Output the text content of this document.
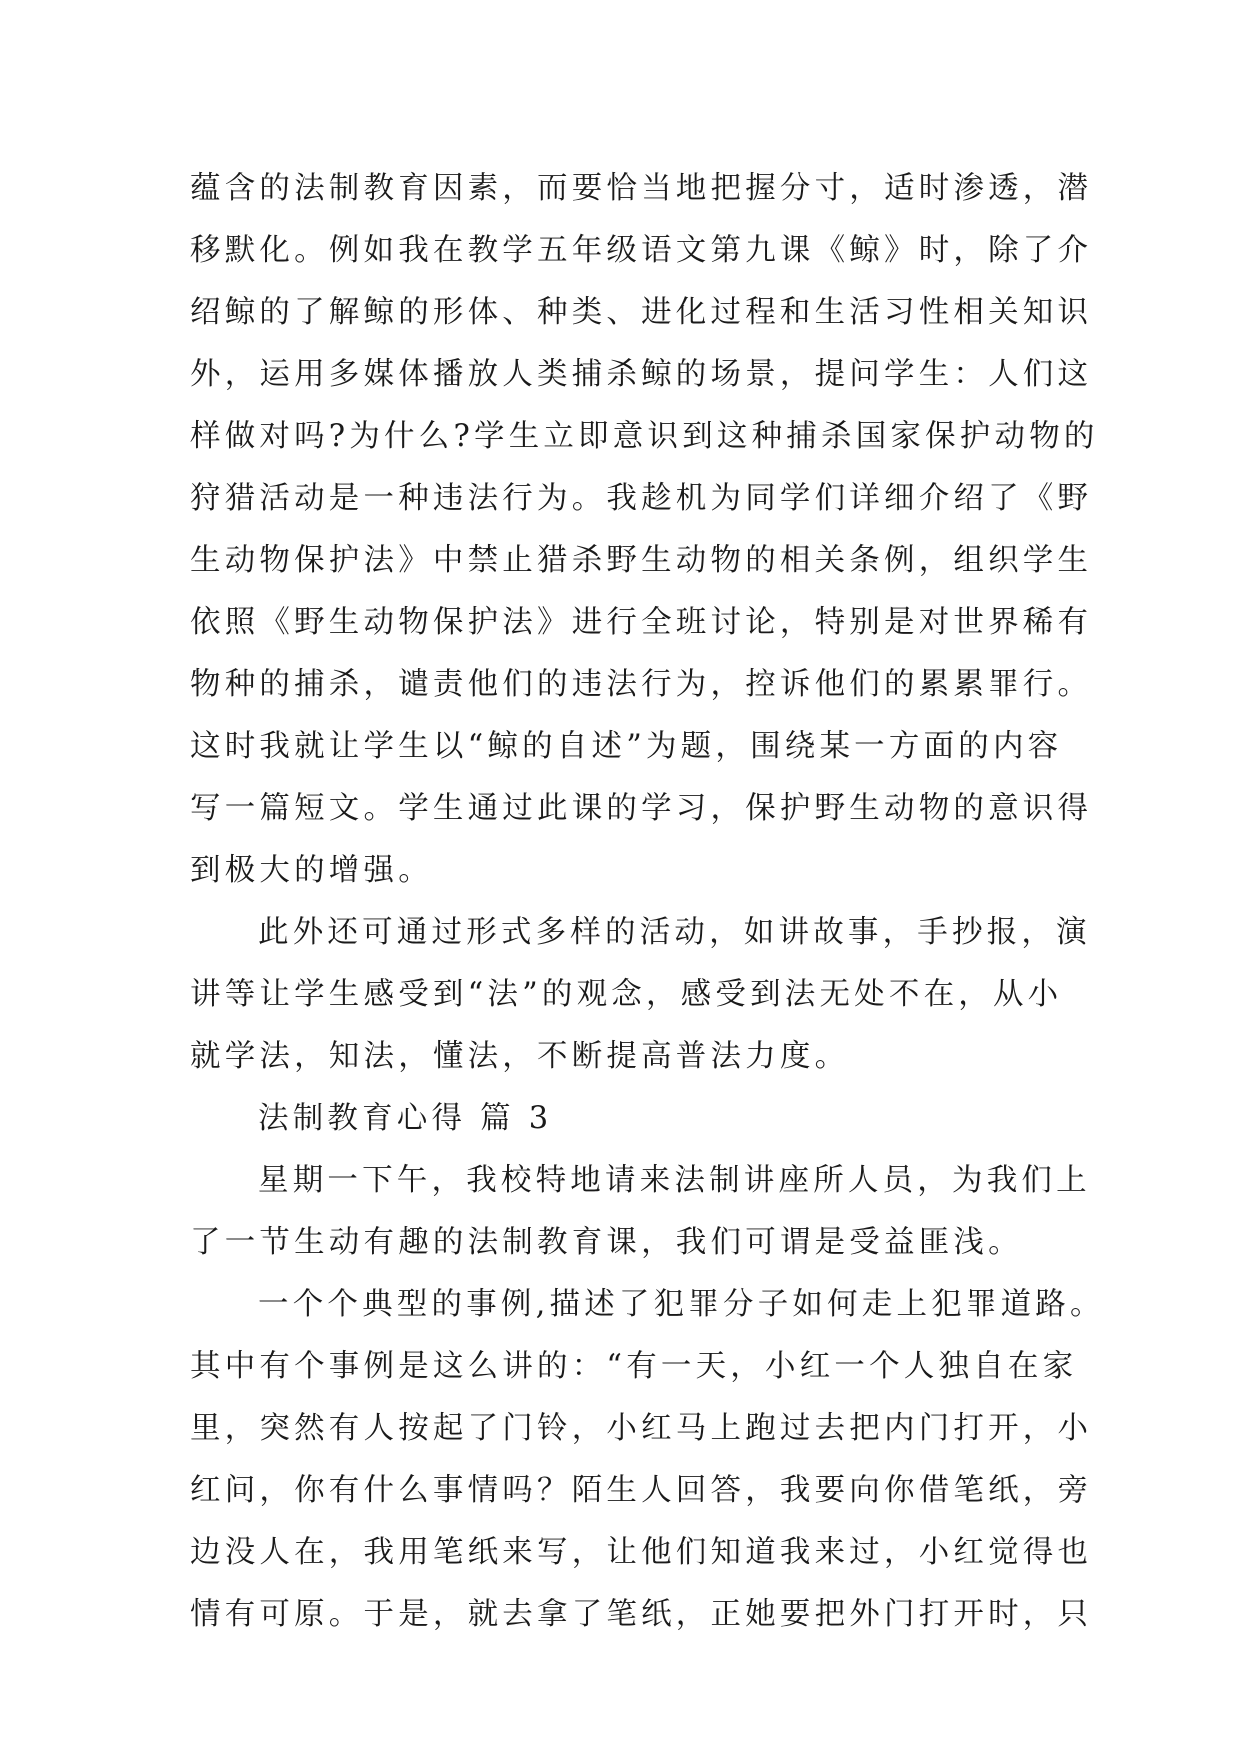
蕴含的法制教育因素，而要恰当地把握分寸，适时渗透，潜
移默化。例如我在教学五年级语文第九课《鲸》时，除了介
绍鲸的了解鲸的形体、种类、进化过程和生活习性相关知识
外，运用多媒体播放人类捕杀鲸的场景，提问学生：人们这
样做对吗?为什么?学生立即意识到这种捕杀国家保护动物的
狩猎活动是一种违法行为。我趁机为同学们详细介绍了《野
生动物保护法》中禁止猎杀野生动物的相关条例，组织学生
依照《野生动物保护法》进行全班讨论，特别是对世界稀有
物种的捕杀，谴责他们的违法行为，控诉他们的累累罪行。
这时我就让学生以“鲸的自述”为题，围绕某一方面的内容
写一篇短文。学生通过此课的学习，保护野生动物的意识得
到极大的增强。
此外还可通过形式多样的活动，如讲故事，手抄报，演
讲等让学生感受到“法”的观念，感受到法无处不在，从小
就学法，知法，懂法，不断提高普法力度。
法制教育心得 篇 3
星期一下午，我校特地请来法制讲座所人员，为我们上
了一节生动有趣的法制教育课，我们可谓是受益匪浅。
一个个典型的事例,描述了犯罪分子如何走上犯罪道路。
其中有个事例是这么讲的：“有一天，小红一个人独自在家
里，突然有人按起了门铃，小红马上跑过去把内门打开，小
红问，你有什么事情吗？陌生人回答，我要向你借笔纸，旁
边没人在，我用笔纸来写，让他们知道我来过，小红觉得也
情有可原。于是，就去拿了笔纸，正她要把外门打开时，只
